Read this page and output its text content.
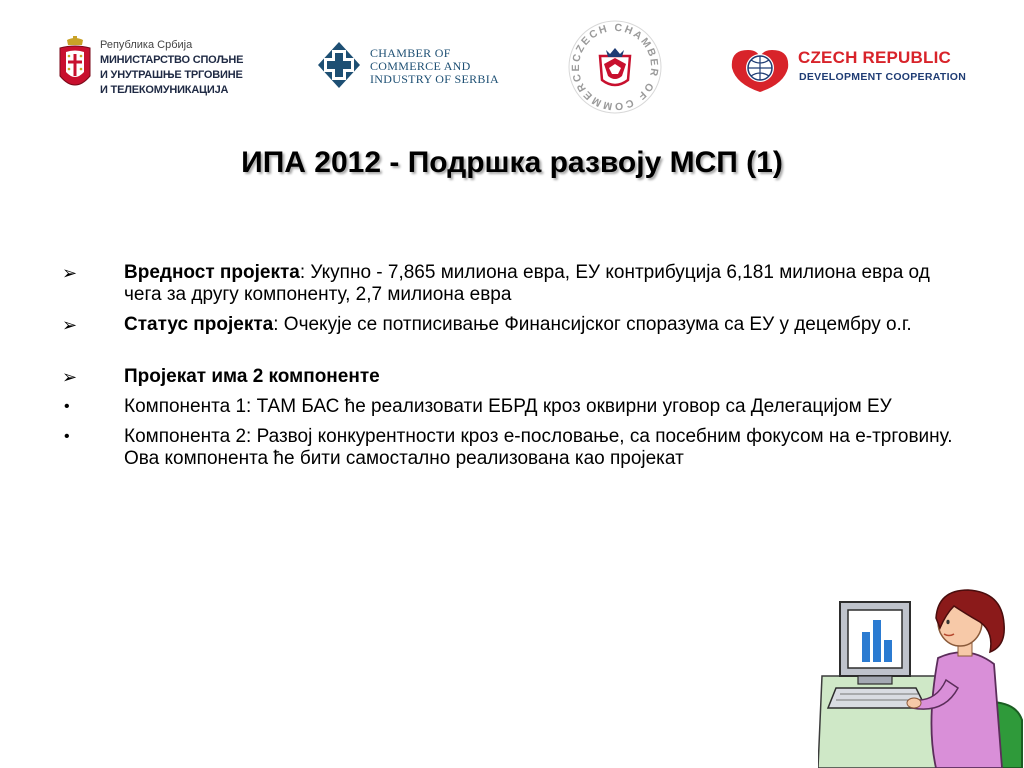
Република Србија
МИНИСТАРСТВО СПОЉНЕ
И УНУТРАШЊЕ ТРГОВИНЕ
И ТЕЛЕКОМУНИКАЦИЈА
CHAMBER OF
COMMERCE AND
INDUSTRY OF SERBIA
CZECH CHAMBER OF COMMERCE
CZECH REPUBLIC
DEVELOPMENT COOPERATION
ИПА 2012 - Подршка развоју МСП (1)
➢	Вредност пројекта: Укупно - 7,865 милиона евра, ЕУ контрибуција 6,181 милиона евра од чега за другу компоненту, 2,7 милиона евра
➢	Статус пројекта: Очекује се потписивање Финансијског споразума са ЕУ у децембру о.г.
➢	Пројекат има 2 компоненте
•	Компонента 1: ТАМ БАС ће реализовати ЕБРД кроз оквирни уговор са Делегацијом ЕУ
•	Компонента 2: Развој конкурентности кроз е-пословање, са посебним фокусом на е-трговину. Ова компонента ће бити самостално реализована као пројекат
